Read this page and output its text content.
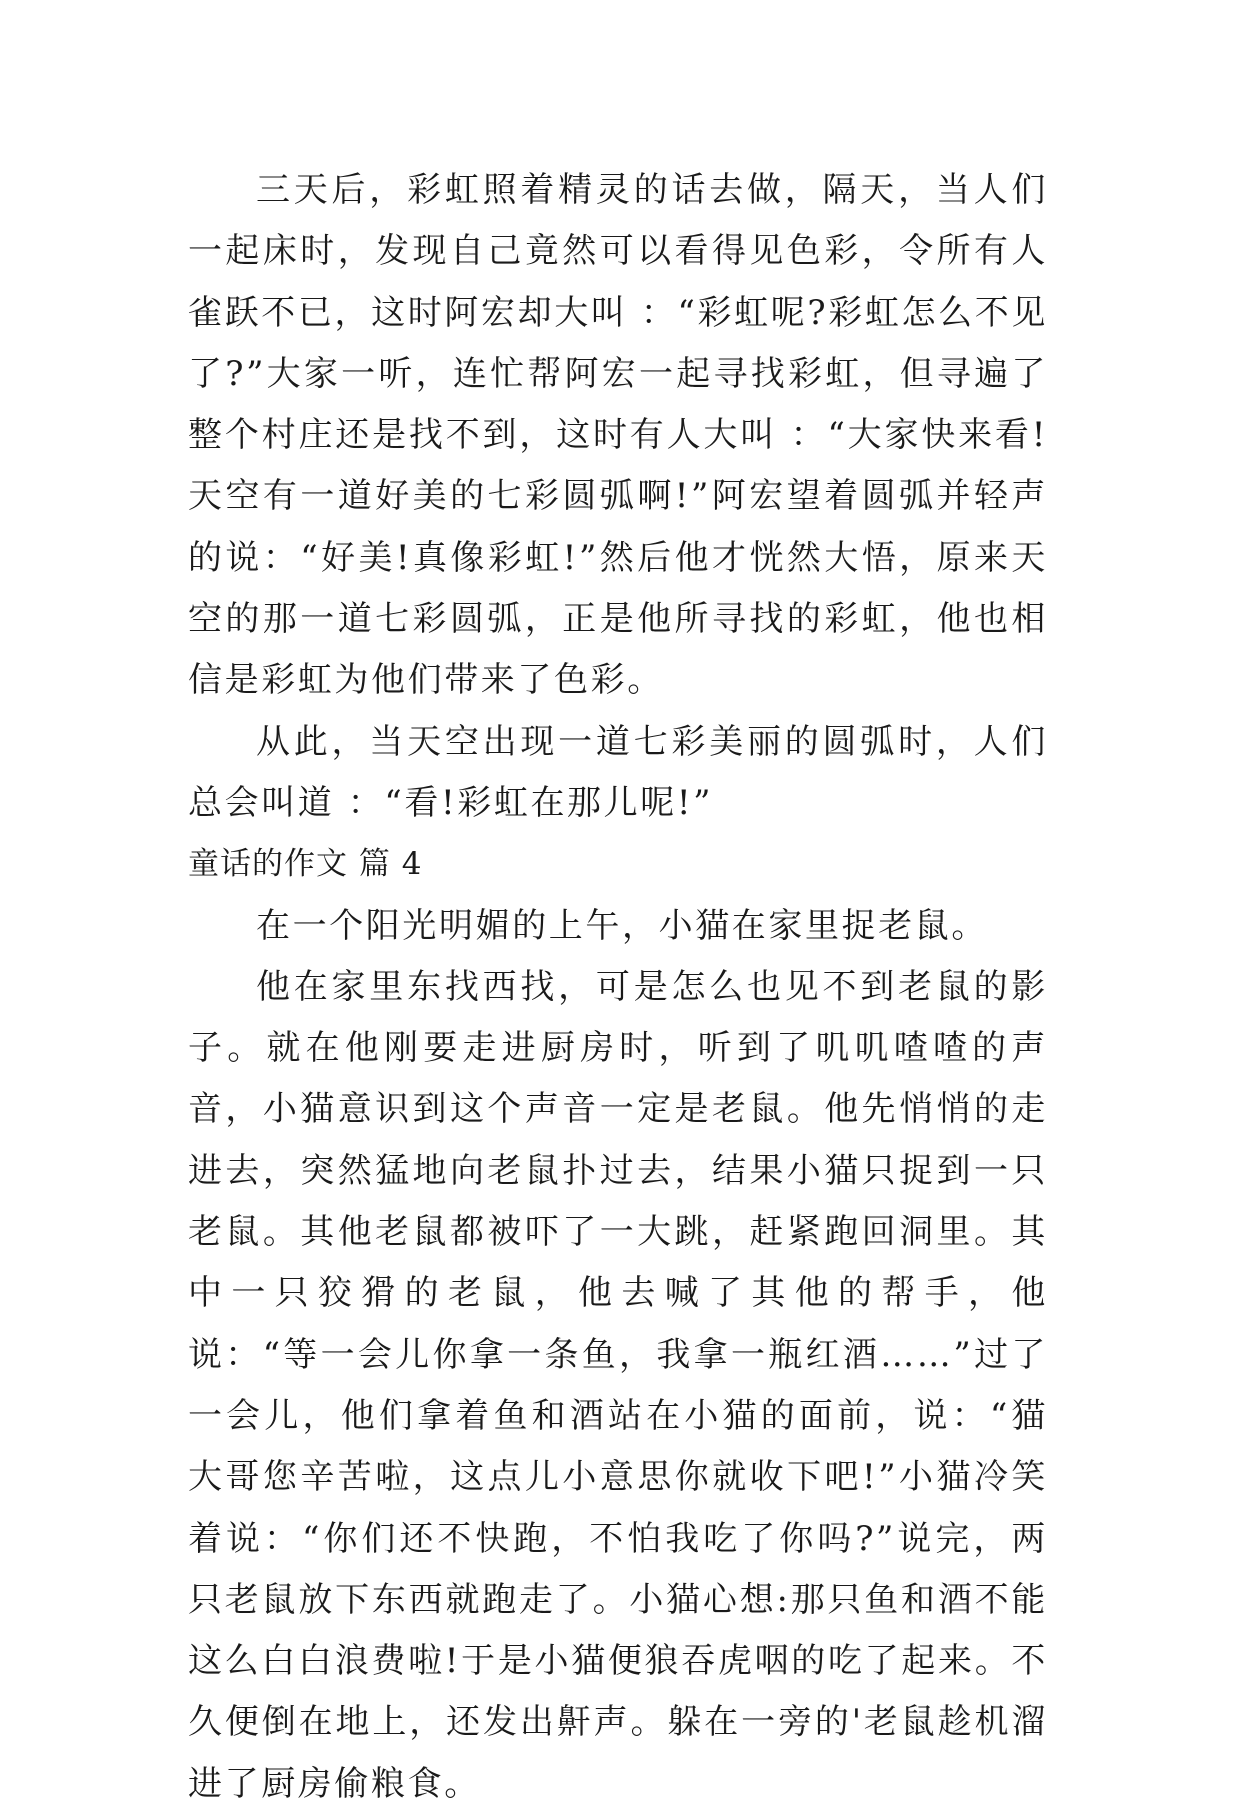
三天后，彩虹照着精灵的话去做，隔天，当人们一起床时，发现自己竟然可以看得见色彩，令所有人雀跃不已，这时阿宏却大叫 ：“彩虹呢?彩虹怎么不见了?”大家一听，连忙帮阿宏一起寻找彩虹，但寻遍了整个村庄还是找不到，这时有人大叫 ：“大家快来看!天空有一道好美的七彩圆弧啊!”阿宏望着圆弧并轻声的说：“好美!真像彩虹!”然后他才恍然大悟，原来天空的那一道七彩圆弧，正是他所寻找的彩虹，他也相信是彩虹为他们带来了色彩。

从此，当天空出现一道七彩美丽的圆弧时，人们总会叫道 ：“看!彩虹在那儿呢!”

童话的作文 篇 4

在一个阳光明媚的上午，小猫在家里捉老鼠。

他在家里东找西找，可是怎么也见不到老鼠的影子。就在他刚要走进厨房时，听到了叽叽喳喳的声音，小猫意识到这个声音一定是老鼠。他先悄悄的走进去，突然猛地向老鼠扑过去，结果小猫只捉到一只老鼠。其他老鼠都被吓了一大跳，赶紧跑回洞里。其中一只狡猾的老鼠，他去喊了其他的帮手，他说：“等一会儿你拿一条鱼，我拿一瓶红酒……”过了一会儿，他们拿着鱼和酒站在小猫的面前，说：“猫大哥您辛苦啦，这点儿小意思你就收下吧!”小猫冷笑着说：“你们还不快跑，不怕我吃了你吗?”说完，两只老鼠放下东西就跑走了。小猫心想:那只鱼和酒不能这么白白浪费啦!于是小猫便狼吞虎咽的吃了起来。不久便倒在地上，还发出鼾声。躲在一旁的'老鼠趁机溜进了厨房偷粮食。
